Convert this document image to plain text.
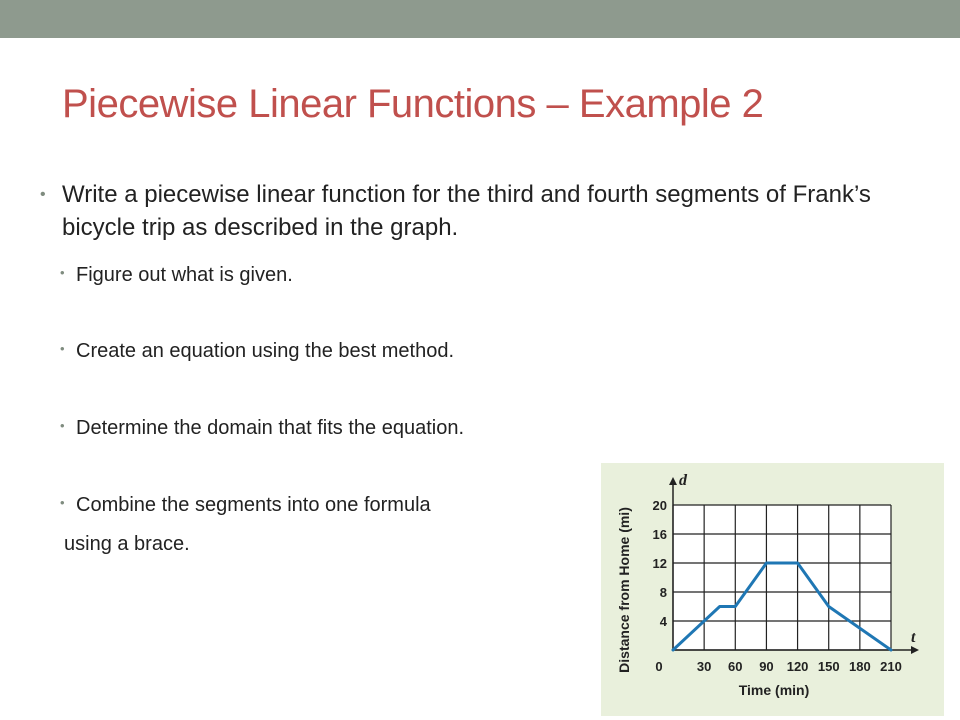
Piecewise Linear Functions – Example 2
• Write a piecewise linear function for the third and fourth segments of Frank’s bicycle trip as described in the graph.
• Figure out what is given.
• Create an equation using the best method.
• Determine the domain that fits the equation.
• Combine the segments into one formula
using a brace.
0	30 60 90 120 150 180 210
4
8
12
16
20
Distance from Home (mi)
Time (min)
d
t
